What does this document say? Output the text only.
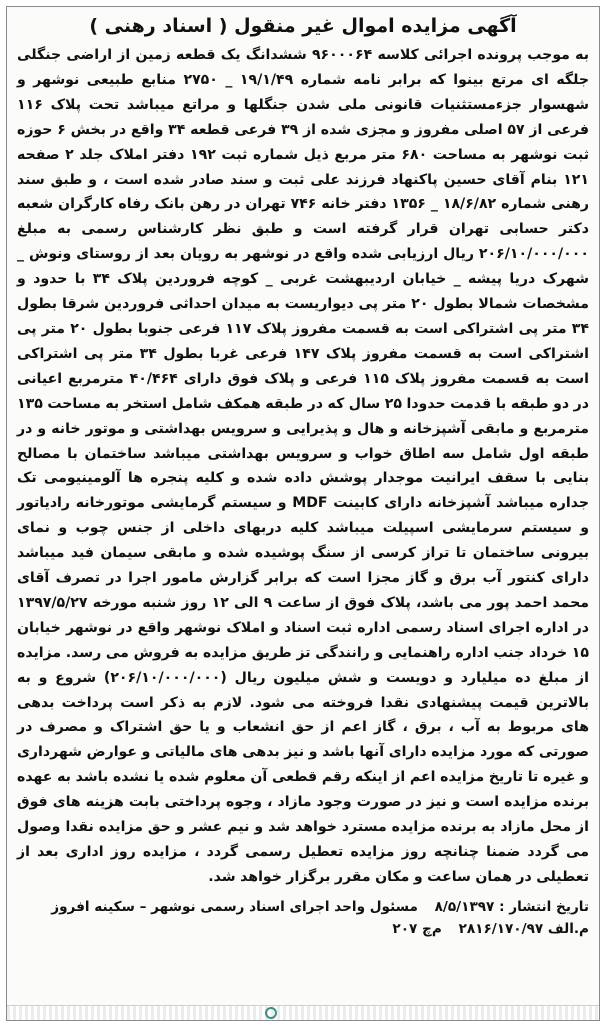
آگهی مزایده اموال غیر منقول ( اسناد رهنی )
به موجب پرونده اجرائی کلاسه ۹۶۰۰۰۶۴ ششدانگ یک قطعه زمین از اراضی جنگلی جلگه ای مرتع بینوا که برابر نامه شماره ۱۹/۱/۴۹ _ ۲۷۵۰ منابع طبیعی نوشهر و شهسوار جزءمستثنیات قانونی ملی شدن جنگلها و مراتع میباشد تحت پلاک ۱۱۶ فرعی از ۵۷ اصلی مفروز و مجزی شده از ۳۹ فرعی قطعه ۳۴ واقع در بخش ۶ حوزه ثبت نوشهر به مساحت ۶۸۰ متر مربع ذیل شماره ثبت ۱۹۲ دفتر املاک جلد ۲ صفحه ۱۲۱ بنام آقای حسین پاکنهاد فرزند علی ثبت و سند صادر شده است ، و طبق سند رهنی شماره ۱۸/۶/۸۲ _ ۱۳۵۶ دفتر خانه ۷۴۶ تهران در رهن بانک رفاه کارگران شعبه دکتر حسابی تهران قرار گرفته است و طبق نظر کارشناس رسمی به مبلغ ۲۰۶/۱۰/۰۰۰/۰۰۰ ریال ارزیابی شده واقع در نوشهر به رویان بعد از روستای ونوش _ شهرک دریا پیشه _ خیابان اردیبهشت غربی _ کوچه فروردین پلاک ۳۴ با حدود و مشخصات شمالا بطول ۲۰ متر پی دیواریست به میدان احداثی فروردین شرقا بطول ۳۴ متر پی اشتراکی است به قسمت مفروز پلاک ۱۱۷ فرعی جنوبا بطول ۲۰ متر پی اشتراکی است به قسمت مفروز پلاک ۱۴۷ فرعی غربا بطول ۳۴ متر پی اشتراکی است به قسمت مفروز پلاک ۱۱۵ فرعی و پلاک فوق دارای ۴۰/۴۶۴ مترمربع اعیانی در دو طبقه با قدمت حدودا ۲۵ سال که در طبقه همکف شامل استخر به مساحت ۱۳۵ مترمربع و مابقی آشپزخانه و هال و پذیرایی و سرویس بهداشتی و موتور خانه و در طبقه اول شامل سه اطاق خواب و سرویس بهداشتی میباشد ساختمان با مصالح بنایی با سقف ایرانیت موجدار پوشش داده شده و کلیه پنجره ها آلومینیومی تک جداره میباشد آشپزخانه دارای کابینت MDF و سیستم گرمایشی موتورخانه رادیاتور و سیستم سرمایشی اسپیلت میباشد کلیه دربهای داخلی از جنس چوب و نمای بیرونی ساختمان تا تراز کرسی از سنگ پوشیده شده و مابقی سیمان فید میباشد دارای کنتور آب برق و گاز مجزا است که برابر گزارش مامور اجرا در تصرف آقای محمد احمد پور می باشد، پلاک فوق از ساعت ۹ الی ۱۲ روز شنبه مورخه ۱۳۹۷/۵/۲۷ در اداره اجرای اسناد رسمی اداره ثبت اسناد و املاک نوشهر واقع در نوشهر خیابان ۱۵ خرداد جنب اداره راهنمایی و رانندگی تز طریق مزایده به فروش می رسد. مزایده از مبلغ ده میلیارد و دویست و شش میلیون ریال (۲۰۶/۱۰/۰۰۰/۰۰۰) شروع و به بالاترین قیمت پیشنهادی نقدا فروخته می شود. لازم به ذکر است پرداخت بدهی های مربوط به آب ، برق ، گاز اعم از حق انشعاب و یا حق اشتراک و مصرف در صورتی که مورد مزایده دارای آنها باشد و نیز بدهی های مالیاتی و عوارض شهرداری و غیره تا تاریخ مزایده اعم از اینکه رقم قطعی آن معلوم شده یا نشده باشد به عهده برنده مزایده است و نیز در صورت وجود مازاد ، وجوه پرداختی بابت هزینه های فوق از محل مازاد به برنده مزایده مسترد خواهد شد و نیم عشر و حق مزایده نقدا وصول می گردد ضمنا چنانچه روز مزایده تعطیل رسمی گردد ، مزایده روز اداری بعد از تعطیلی در همان ساعت و مکان مقرر برگزار خواهد شد.
تاریخ انتشار : ۸/۵/۱۳۹۷ مسئول واحد اجرای اسناد رسمی نوشهر – سکینه افروز
م.الف ۲۸۱۶/۱۷۰/۹۷ م‌چ ۲۰۷
